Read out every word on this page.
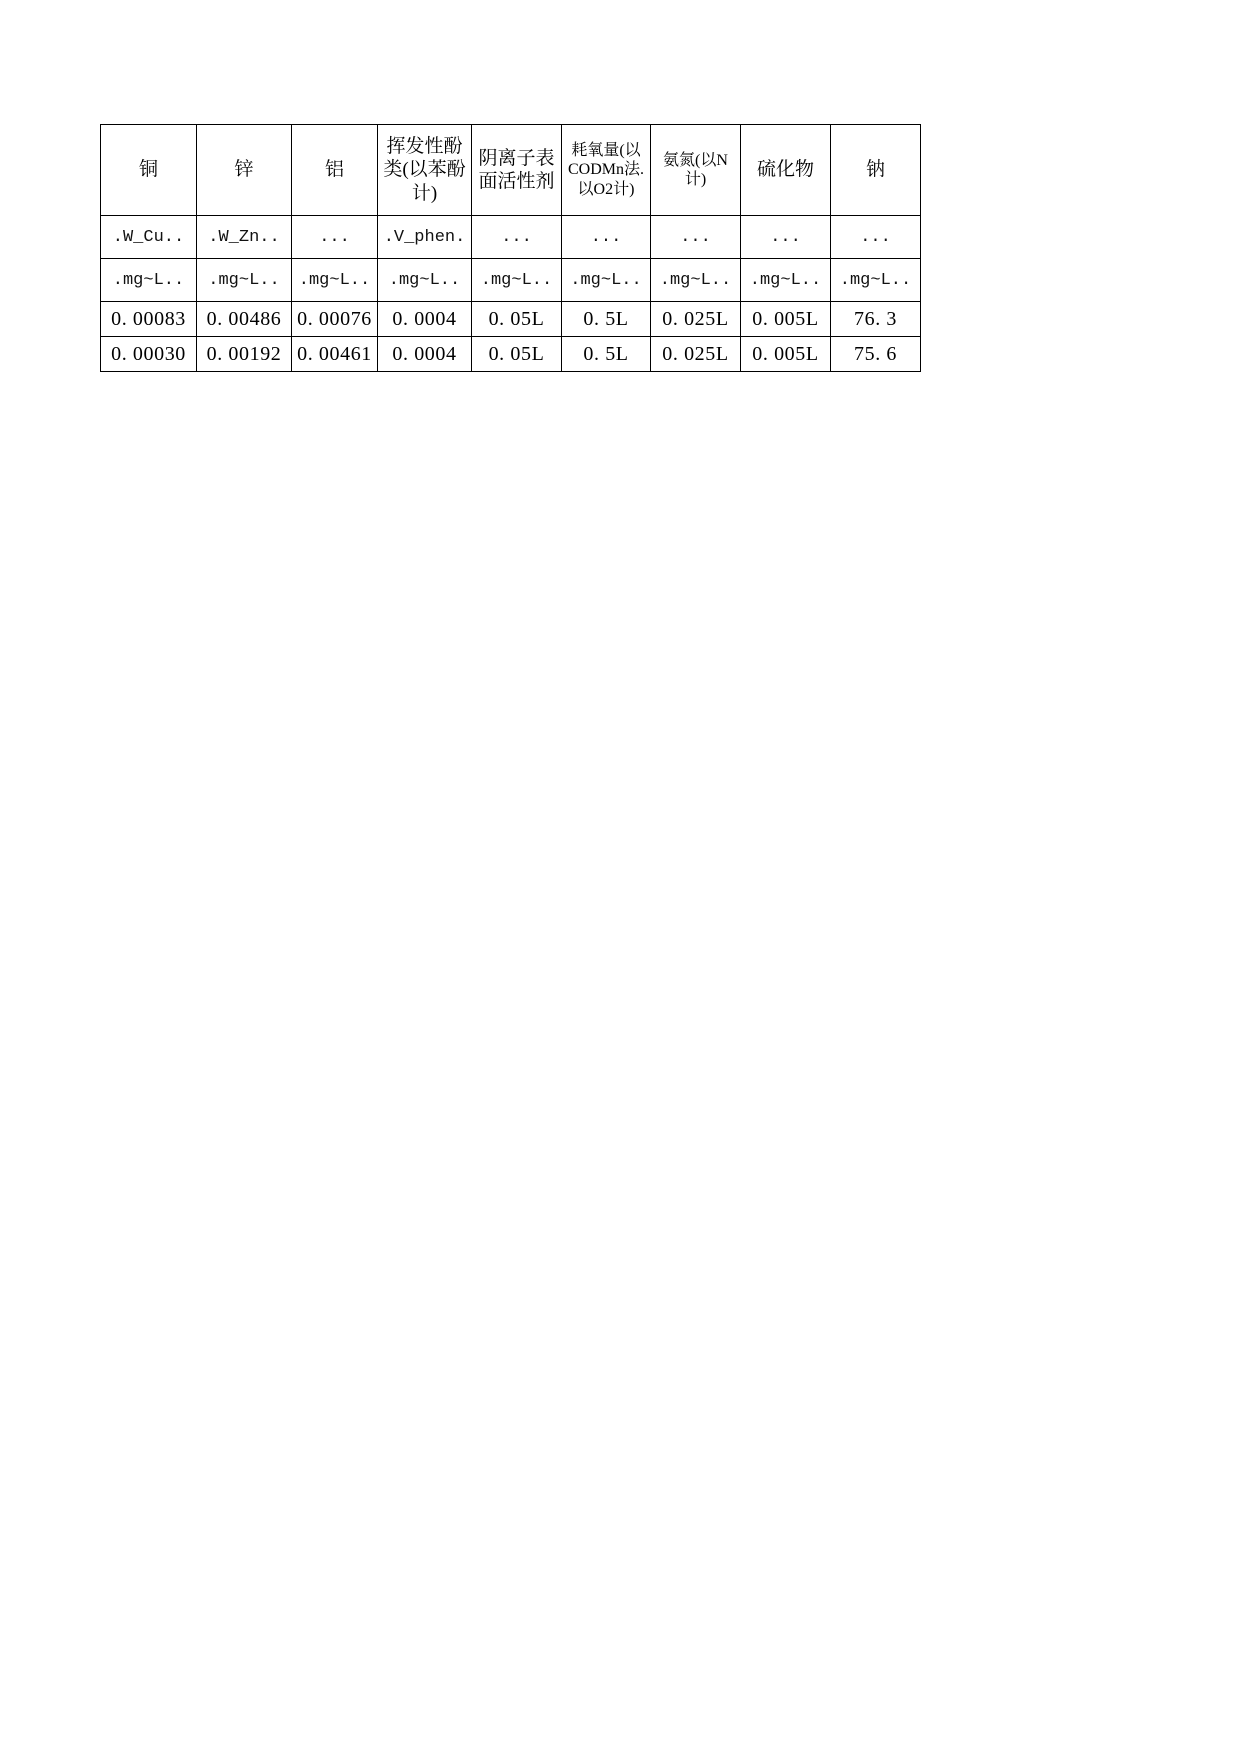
铜	锌	铝	挥发性酚类(以苯酚计)	阴离子表面活性剂	耗氧量(以CODMn法.以O2计)	氨氮(以N计)	硫化物	钠
.W_Cu..	.W_Zn..	...	.V_phen.	...	...	...	...	...
.mg~L..	.mg~L..	.mg~L..	.mg~L..	.mg~L..	.mg~L..	.mg~L..	.mg~L..	.mg~L..
0. 00083	0. 00486	0. 00076	0. 0004	0. 05L	0. 5L	0. 025L	0. 005L	76. 3
0. 00030	0. 00192	0. 00461	0. 0004	0. 05L	0. 5L	0. 025L	0. 005L	75. 6
